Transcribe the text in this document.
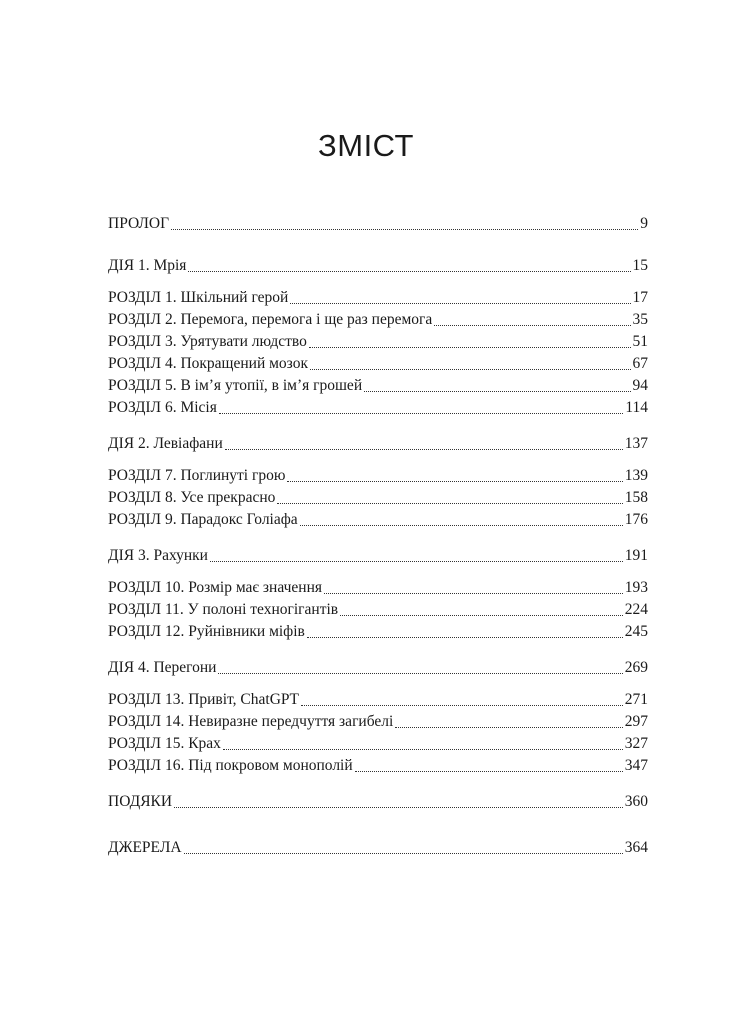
ЗМІСТ
ПРОЛОГ	9
ДІЯ 1. Мрія	15
РОЗДІЛ 1. Шкільний герой	17
РОЗДІЛ 2. Перемога, перемога і ще раз перемога	35
РОЗДІЛ 3. Урятувати людство	51
РОЗДІЛ 4. Покращений мозок	67
РОЗДІЛ 5. В ім’я утопії, в ім’я грошей	94
РОЗДІЛ 6. Місія	114
ДІЯ 2. Левіафани	137
РОЗДІЛ 7. Поглинуті грою	139
РОЗДІЛ 8. Усе прекрасно	158
РОЗДІЛ 9. Парадокс Голіафа	176
ДІЯ 3. Рахунки	191
РОЗДІЛ 10. Розмір має значення	193
РОЗДІЛ 11. У полоні техногігантів	224
РОЗДІЛ 12. Руйнівники міфів	245
ДІЯ 4. Перегони	269
РОЗДІЛ 13. Привіт, ChatGPT	271
РОЗДІЛ 14. Невиразне передчуття загибелі	297
РОЗДІЛ 15. Крах	327
РОЗДІЛ 16. Під покровом монополій	347
ПОДЯКИ	360
ДЖЕРЕЛА	364
